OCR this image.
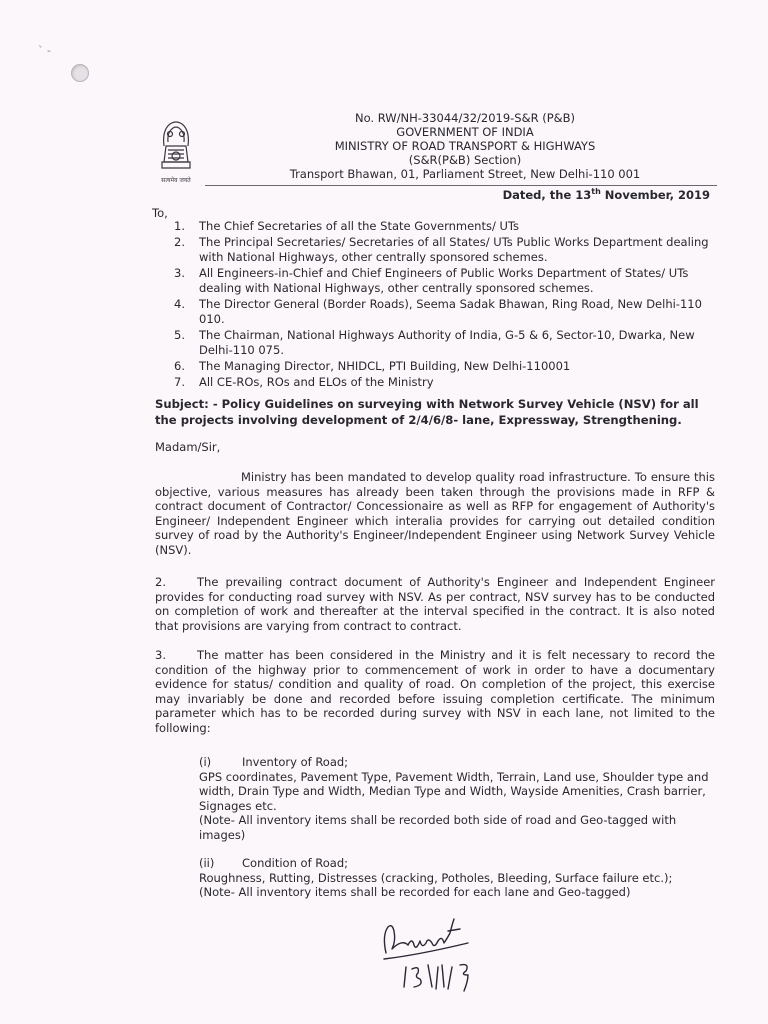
ˋ -
सत्यमेव जयते
No. RW/NH-33044/32/2019-S&R (P&B)
GOVERNMENT OF INDIA
MINISTRY OF ROAD TRANSPORT & HIGHWAYS
(S&R(P&B) Section)
Transport Bhawan, 01, Parliament Street, New Delhi-110 001
Dated, the 13th November, 2019
To,
1. The Chief Secretaries of all the State Governments/ UTs
2. The Principal Secretaries/ Secretaries of all States/ UTs Public Works Department dealing with National Highways, other centrally sponsored schemes.
3. All Engineers-in-Chief and Chief Engineers of Public Works Department of States/ UTs dealing with National Highways, other centrally sponsored schemes.
4. The Director General (Border Roads), Seema Sadak Bhawan, Ring Road, New Delhi-110 010.
5. The Chairman, National Highways Authority of India, G-5 & 6, Sector-10, Dwarka, New Delhi-110 075.
6. The Managing Director, NHIDCL, PTI Building, New Delhi-110001
7. All CE-ROs, ROs and ELOs of the Ministry
Subject: - Policy Guidelines on surveying with Network Survey Vehicle (NSV) for all the projects involving development of 2/4/6/8- lane, Expressway, Strengthening.
Madam/Sir,
Ministry has been mandated to develop quality road infrastructure. To ensure this objective, various measures has already been taken through the provisions made in RFP & contract document of Contractor/ Concessionaire as well as RFP for engagement of Authority's Engineer/ Independent Engineer which interalia provides for carrying out detailed condition survey of road by the Authority's Engineer/Independent Engineer using Network Survey Vehicle (NSV).
2.	The prevailing contract document of Authority's Engineer and Independent Engineer provides for conducting road survey with NSV. As per contract, NSV survey has to be conducted on completion of work and thereafter at the interval specified in the contract. It is also noted that provisions are varying from contract to contract.
3.	The matter has been considered in the Ministry and it is felt necessary to record the condition of the highway prior to commencement of work in order to have a documentary evidence for status/ condition and quality of road. On completion of the project, this exercise may invariably be done and recorded before issuing completion certificate. The minimum parameter which has to be recorded during survey with NSV in each lane, not limited to the following:
(i)	Inventory of Road;
GPS coordinates, Pavement Type, Pavement Width, Terrain, Land use, Shoulder type and width, Drain Type and Width, Median Type and Width, Wayside Amenities, Crash barrier, Signages etc.
(Note- All inventory items shall be recorded both side of road and Geo-tagged with images)
(ii) Condition of Road;
Roughness, Rutting, Distresses (cracking, Potholes, Bleeding, Surface failure etc.);
(Note- All inventory items shall be recorded for each lane and Geo-tagged)
